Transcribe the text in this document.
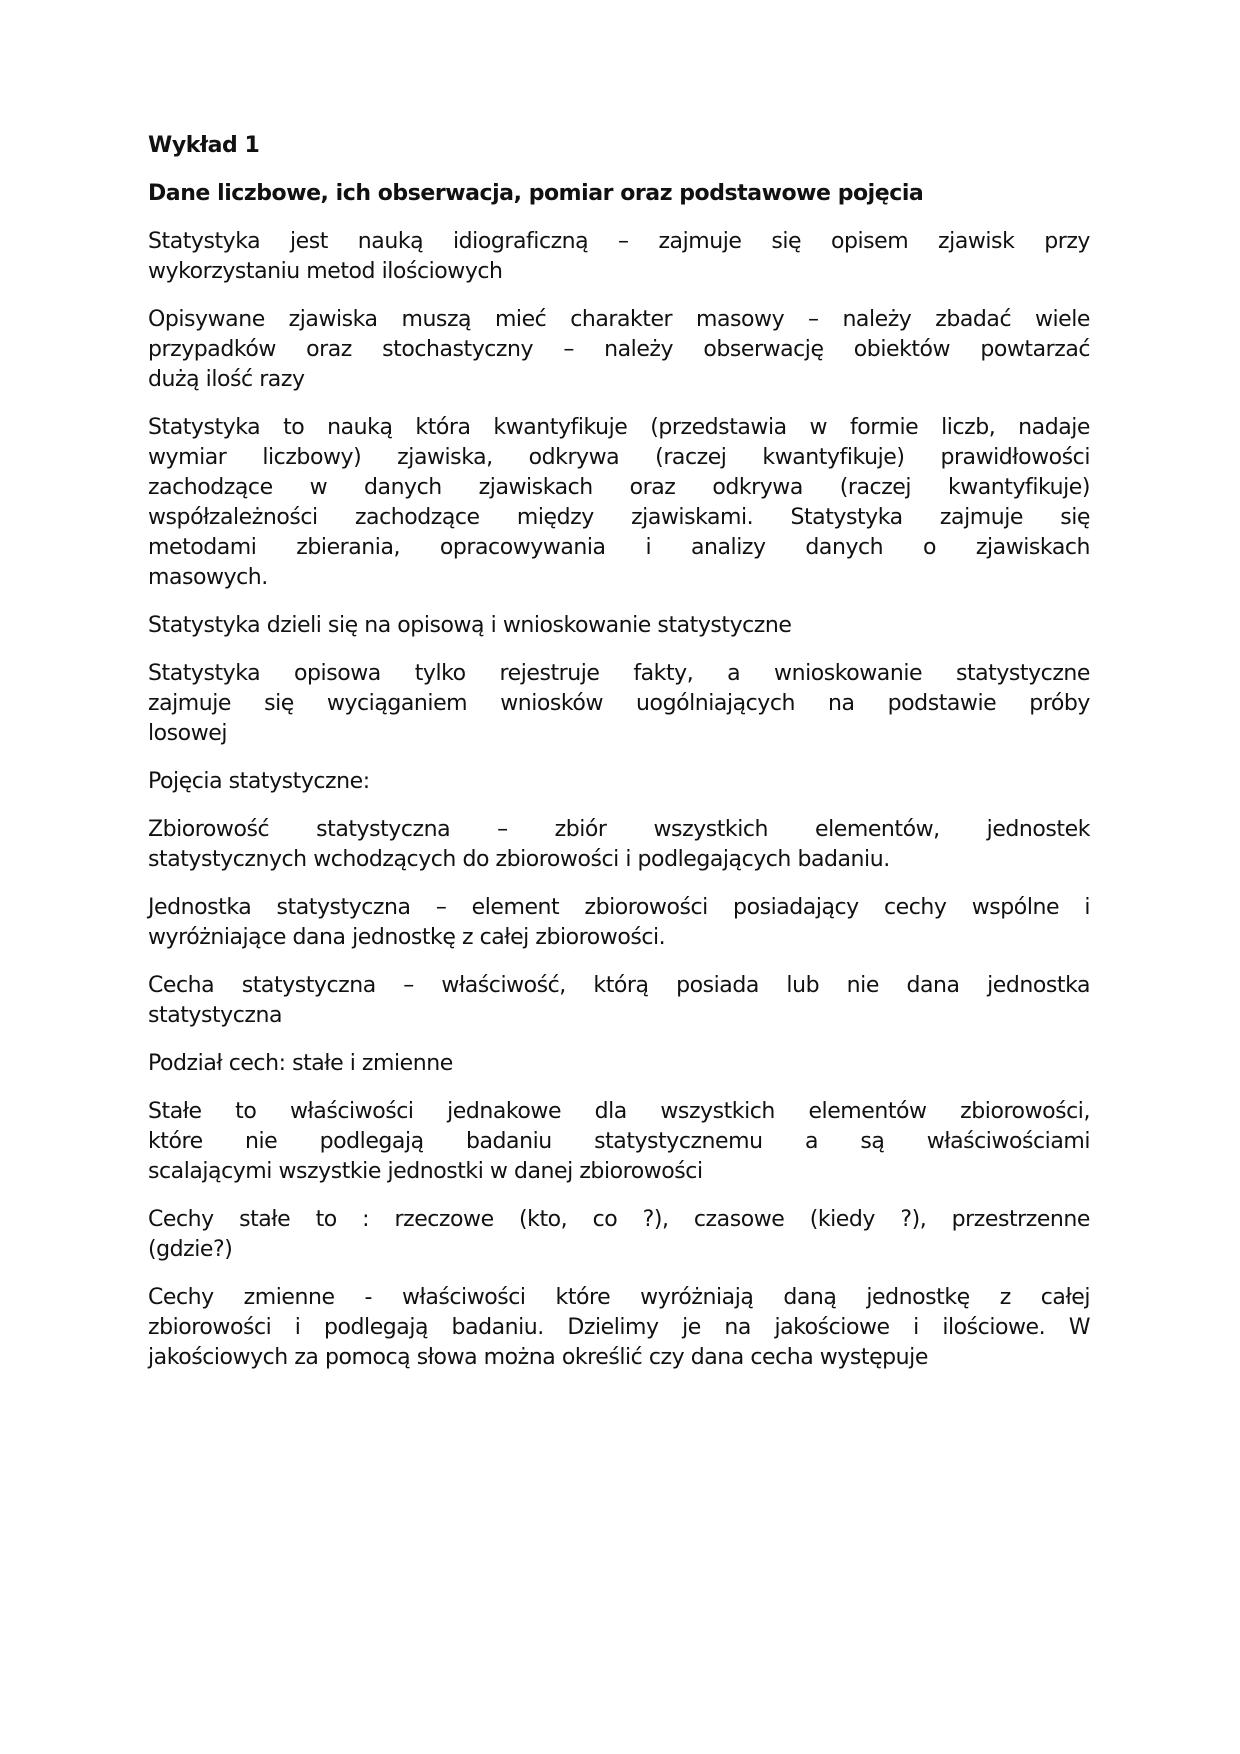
Wykład 1
Dane liczbowe, ich obserwacja, pomiar oraz podstawowe pojęcia
Statystyka jest nauką idiograficzną – zajmuje się opisem zjawisk przy
wykorzystaniu metod ilościowych
Opisywane zjawiska muszą mieć charakter masowy – należy zbadać wiele
przypadków oraz stochastyczny – należy obserwację obiektów powtarzać
dużą ilość razy
Statystyka to nauką która kwantyfikuje (przedstawia w formie liczb, nadaje
wymiar liczbowy) zjawiska, odkrywa (raczej kwantyfikuje) prawidłowości
zachodzące w danych zjawiskach oraz odkrywa (raczej kwantyfikuje)
współzależności zachodzące między zjawiskami. Statystyka zajmuje się
metodami zbierania, opracowywania i analizy danych o zjawiskach
masowych.
Statystyka dzieli się na opisową i wnioskowanie statystyczne
Statystyka opisowa tylko rejestruje fakty, a wnioskowanie statystyczne
zajmuje się wyciąganiem wniosków uogólniających na podstawie próby
losowej
Pojęcia statystyczne:
Zbiorowość statystyczna – zbiór wszystkich elementów, jednostek
statystycznych wchodzących do zbiorowości i podlegających badaniu.
Jednostka statystyczna – element zbiorowości posiadający cechy wspólne i
wyróżniające dana jednostkę z całej zbiorowości.
Cecha statystyczna – właściwość, którą posiada lub nie dana jednostka
statystyczna
Podział cech: stałe i zmienne
Stałe to właściwości jednakowe dla wszystkich elementów zbiorowości,
które nie podlegają badaniu statystycznemu a są właściwościami
scalającymi wszystkie jednostki w danej zbiorowości
Cechy stałe to : rzeczowe (kto, co ?), czasowe (kiedy ?), przestrzenne
(gdzie?)
Cechy zmienne - właściwości które wyróżniają daną jednostkę z całej
zbiorowości i podlegają badaniu. Dzielimy je na jakościowe i ilościowe. W
jakościowych za pomocą słowa można określić czy dana cecha występuje
